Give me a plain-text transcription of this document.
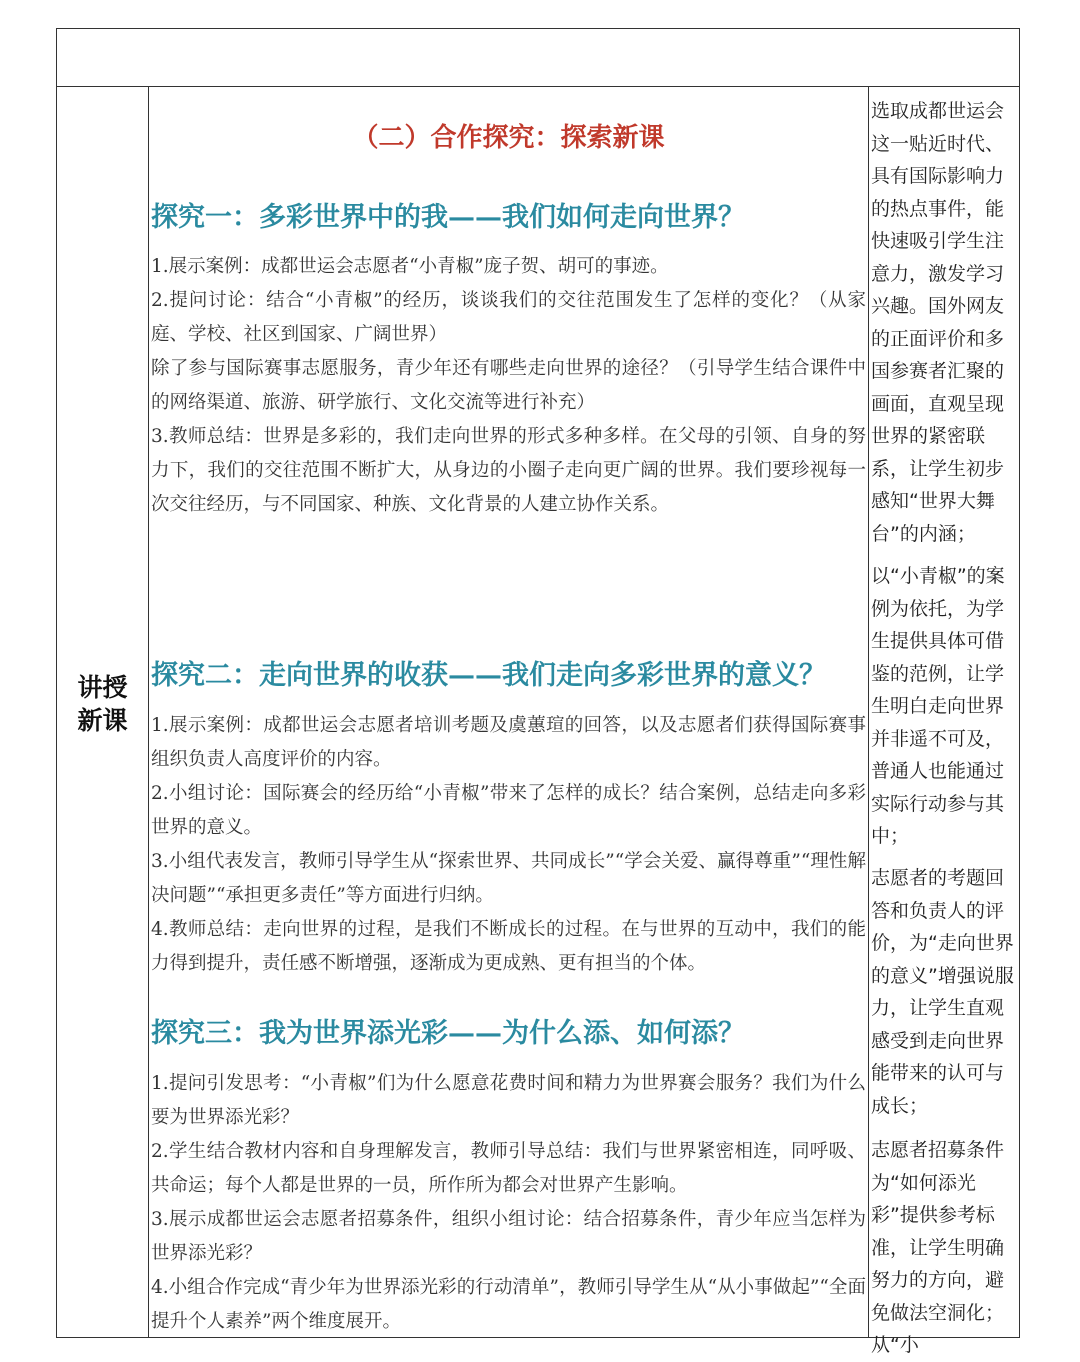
讲授新课
（二）合作探究：探索新课
探究一：多彩世界中的我——我们如何走向世界？
1.展示案例：成都世运会志愿者“小青椒”庞子贺、胡可的事迹。
2.提问讨论：结合“小青椒”的经历，谈谈我们的交往范围发生了怎样的变化？（从家庭、学校、社区到国家、广阔世界）
除了参与国际赛事志愿服务，青少年还有哪些走向世界的途径？（引导学生结合课件中的网络渠道、旅游、研学旅行、文化交流等进行补充）
3.教师总结：世界是多彩的，我们走向世界的形式多种多样。在父母的引领、自身的努力下，我们的交往范围不断扩大，从身边的小圈子走向更广阔的世界。我们要珍视每一次交往经历，与不同国家、种族、文化背景的人建立协作关系。
探究二：走向世界的收获——我们走向多彩世界的意义？
1.展示案例：成都世运会志愿者培训考题及虞蕙瑄的回答，以及志愿者们获得国际赛事组织负责人高度评价的内容。
2.小组讨论：国际赛会的经历给“小青椒”带来了怎样的成长？结合案例，总结走向多彩世界的意义。
3.小组代表发言，教师引导学生从“探索世界、共同成长”“学会关爱、赢得尊重”“理性解决问题”“承担更多责任”等方面进行归纳。
4.教师总结：走向世界的过程，是我们不断成长的过程。在与世界的互动中，我们的能力得到提升，责任感不断增强，逐渐成为更成熟、更有担当的个体。
探究三：我为世界添光彩——为什么添、如何添？
1.提问引发思考：“小青椒”们为什么愿意花费时间和精力为世界赛会服务？我们为什么要为世界添光彩？
2.学生结合教材内容和自身理解发言，教师引导总结：我们与世界紧密相连，同呼吸、共命运；每个人都是世界的一员，所作所为都会对世界产生影响。
3.展示成都世运会志愿者招募条件，组织小组讨论：结合招募条件，青少年应当怎样为世界添光彩？
4.小组合作完成“青少年为世界添光彩的行动清单”，教师引导学生从“从小事做起”“全面提升个人素养”两个维度展开。
选取成都世运会这一贴近时代、具有国际影响力的热点事件，能快速吸引学生注意力，激发学习兴趣。国外网友的正面评价和多国参赛者汇聚的画面，直观呈现世界的紧密联系，让学生初步感知“世界大舞台”的内涵；
以“小青椒”的案例为依托，为学生提供具体可借鉴的范例，让学生明白走向世界并非遥不可及，普通人也能通过实际行动参与其中；
志愿者的考题回答和负责人的评价，为“走向世界的意义”增强说服力，让学生直观感受到走向世界能带来的认可与成长；
志愿者招募条件为“如何添光彩”提供参考标准，让学生明确努力的方向，避免做法空洞化；从“小
